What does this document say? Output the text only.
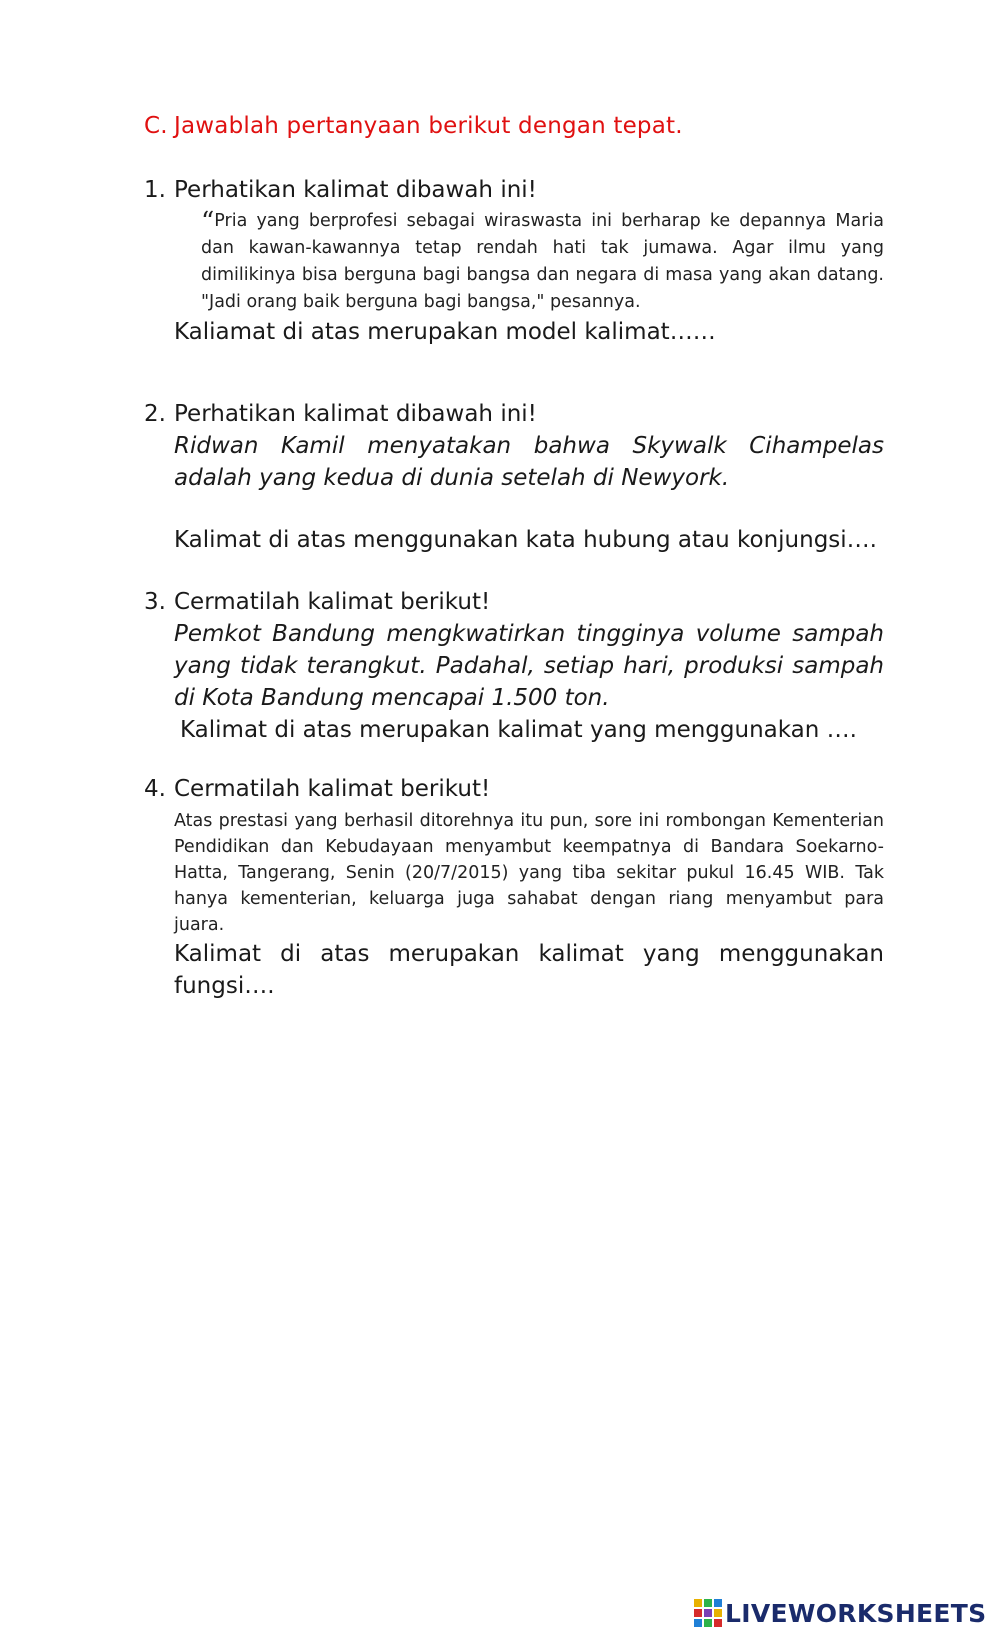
C. Jawablah pertanyaan berikut dengan tepat.
1. Perhatikan kalimat dibawah ini!
“Pria yang berprofesi sebagai wiraswasta ini berharap ke depannya Maria dan kawan-kawannya tetap rendah hati tak jumawa. Agar ilmu yang dimilikinya bisa berguna bagi bangsa dan negara di masa yang akan datang. "Jadi orang baik berguna bagi bangsa," pesannya.
Kaliamat di atas merupakan model kalimat……
2. Perhatikan kalimat dibawah ini!
Ridwan Kamil menyatakan bahwa Skywalk Cihampelas adalah yang kedua di dunia setelah di Newyork.
Kalimat di atas menggunakan kata hubung atau konjungsi….
3. Cermatilah kalimat berikut!
Pemkot Bandung mengkwatirkan tingginya volume sampah yang tidak terangkut. Padahal, setiap hari, produksi sampah di Kota Bandung mencapai 1.500 ton.
Kalimat di atas merupakan kalimat yang menggunakan ….
4. Cermatilah kalimat berikut!
Atas prestasi yang berhasil ditorehnya itu pun, sore ini rombongan Kementerian Pendidikan dan Kebudayaan menyambut keempatnya di Bandara Soekarno-Hatta, Tangerang, Senin (20/7/2015) yang tiba sekitar pukul 16.45 WIB. Tak hanya kementerian, keluarga juga sahabat dengan riang menyambut para juara.
Kalimat di atas merupakan kalimat yang menggunakan fungsi….
LIVEWORKSHEETS
